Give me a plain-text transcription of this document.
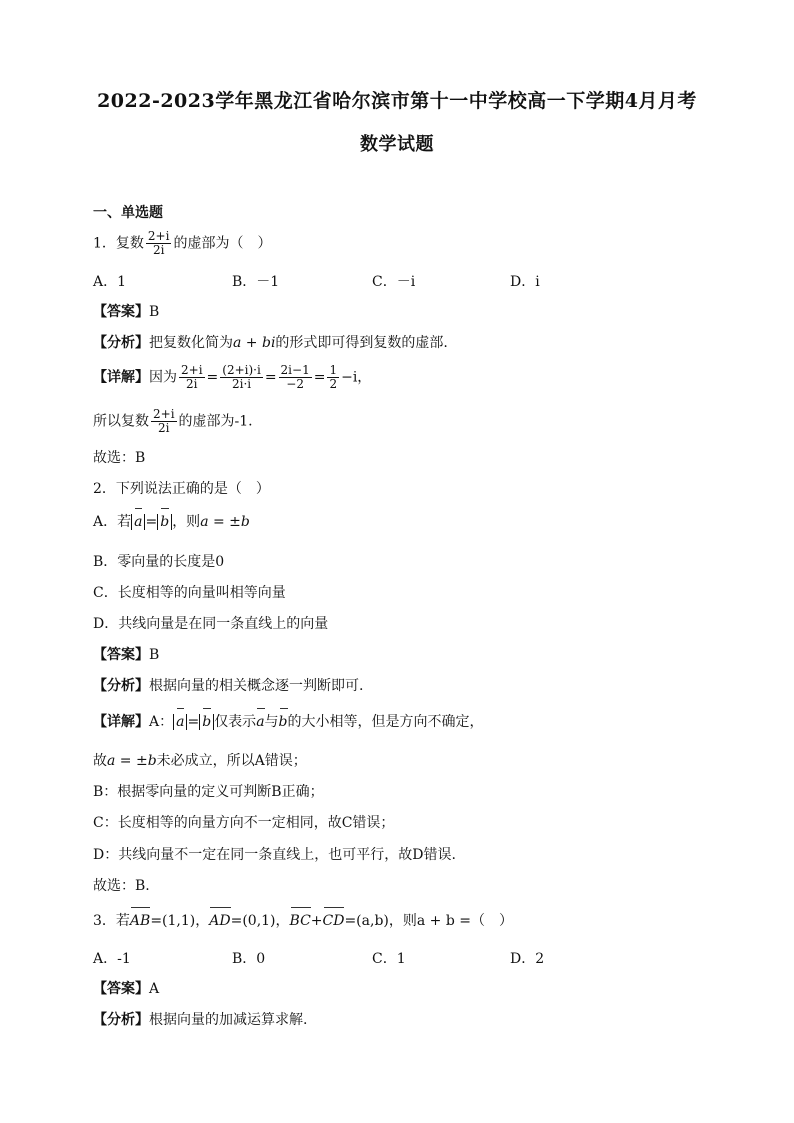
2022-2023学年黑龙江省哈尔滨市第十一中学校高一下学期4月月考
数学试题
一、单选题
1．复数 $\frac{2+i}{2i}$ 的虚部为（　）
A．1	B．－1	C．－i	D．i
【答案】B
【分析】把复数化简为a + bi的形式即可得到复数的虚部.
【详解】因为 $\frac{2+i}{2i} = \frac{(2+i)\cdot i}{2i\cdot i} = \frac{2i-1}{-2} = \frac{1}{2} -i$，
所以复数 $\frac{2+i}{2i}$ 的虚部为-1.
故选：B
2．下列说法正确的是（　）
A．若 a = b ，则a = ±b
B．零向量的长度是0
C．长度相等的向量叫相等向量
D．共线向量是在同一条直线上的向量
【答案】B
【分析】根据向量的相关概念逐一判断即可.
【详解】A： a = b 仅表示a与b的大小相等，但是方向不确定，
故a = ±b未必成立，所以A错误；
B：根据零向量的定义可判断B正确；
C：长度相等的向量方向不一定相同，故C错误；
D：共线向量不一定在同一条直线上，也可平行，故D错误.
故选：B.
3．若AB=(1,1)，AD=(0,1)，BC+CD=(a,b)，则a + b =（　）
A．-1	B．0	C．1	D．2
【答案】A
【分析】根据向量的加减运算求解.
